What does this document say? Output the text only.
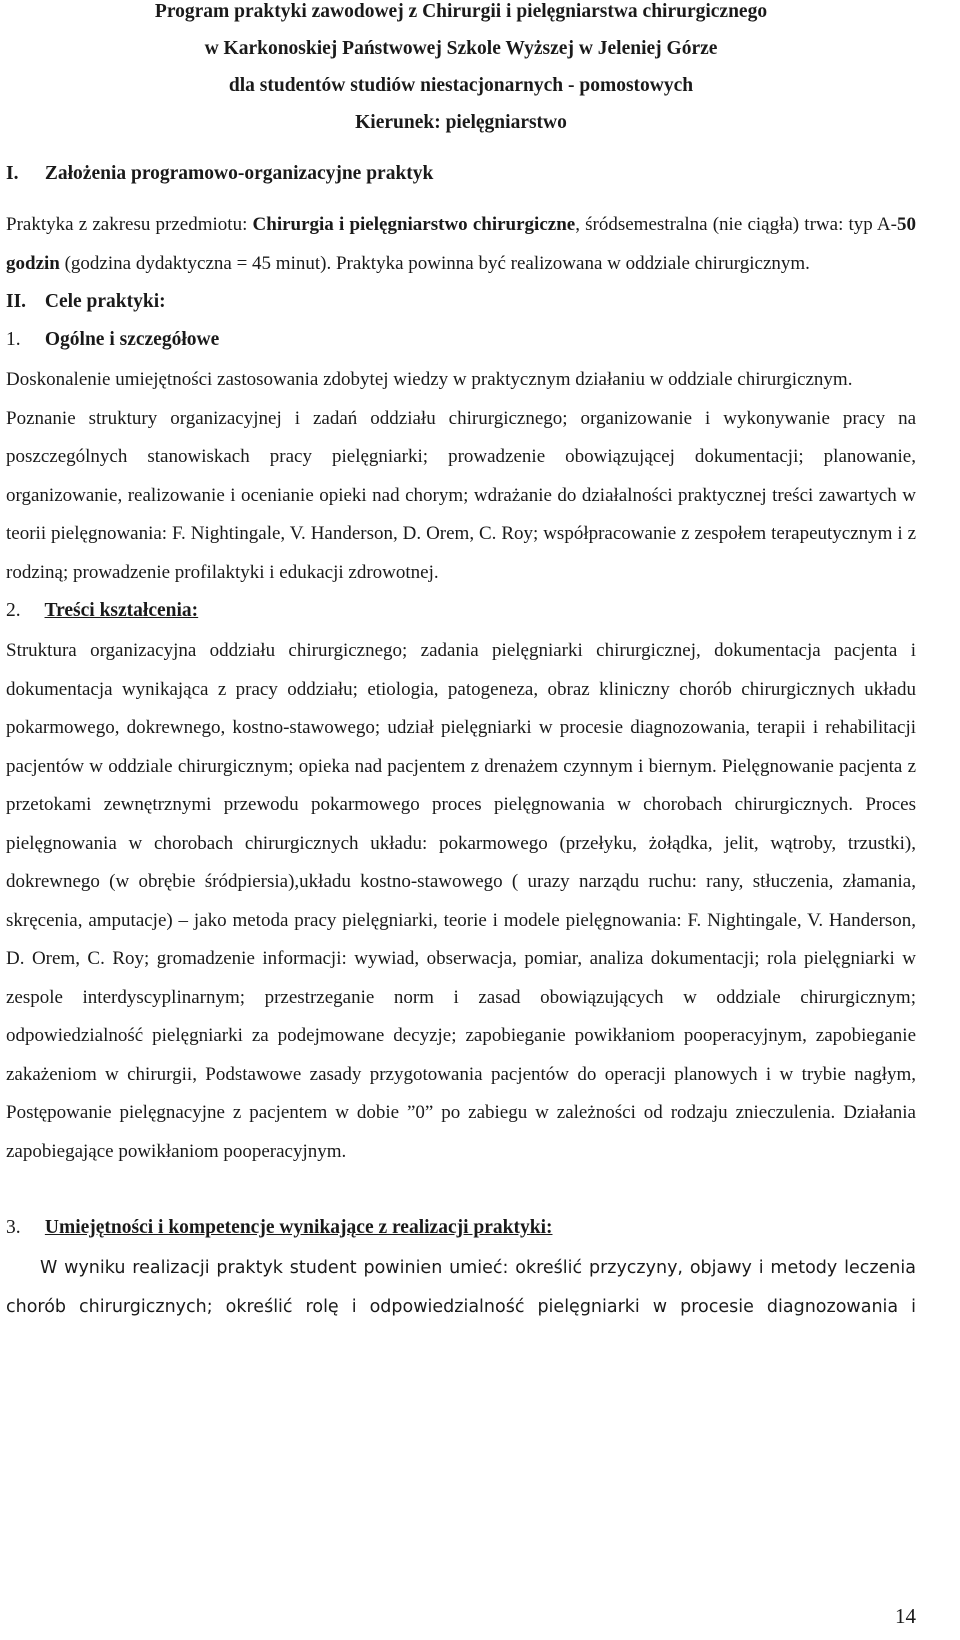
Program praktyki zawodowej z Chirurgii i pielęgniarstwa chirurgicznego
w Karkonoskiej Państwowej Szkole Wyższej w Jeleniej Górze
dla studentów studiów niestacjonarnych - pomostowych
Kierunek: pielęgniarstwo
I. Założenia programowo-organizacyjne praktyk
Praktyka z zakresu przedmiotu: Chirurgia i pielęgniarstwo chirurgiczne, śródsemestralna (nie ciągła) trwa: typ A-50 godzin (godzina dydaktyczna = 45 minut). Praktyka powinna być realizowana w oddziale chirurgicznym.
II. Cele praktyki:
1. Ogólne i szczegółowe
Doskonalenie umiejętności zastosowania zdobytej wiedzy w praktycznym działaniu w oddziale chirurgicznym.
Poznanie struktury organizacyjnej i zadań oddziału chirurgicznego; organizowanie i wykonywanie pracy na poszczególnych stanowiskach pracy pielęgniarki; prowadzenie obowiązującej dokumentacji; planowanie, organizowanie, realizowanie i ocenianie opieki nad chorym; wdrażanie do działalności praktycznej treści zawartych w teorii pielęgnowania: F. Nightingale, V. Handerson, D. Orem, C. Roy; współpracowanie z zespołem terapeutycznym i z rodziną; prowadzenie profilaktyki i edukacji zdrowotnej.
2. Treści kształcenia:
Struktura organizacyjna oddziału chirurgicznego; zadania pielęgniarki chirurgicznej, dokumentacja pacjenta i dokumentacja wynikająca z pracy oddziału; etiologia, patogeneza, obraz kliniczny chorób chirurgicznych układu pokarmowego, dokrewnego, kostno-stawowego; udział pielęgniarki w procesie diagnozowania, terapii i rehabilitacji pacjentów w oddziale chirurgicznym; opieka nad pacjentem z drenażem czynnym i biernym. Pielęgnowanie pacjenta z przetokami zewnętrznymi przewodu pokarmowego proces pielęgnowania w chorobach chirurgicznych. Proces pielęgnowania w chorobach chirurgicznych układu: pokarmowego (przełyku, żołądka, jelit, wątroby, trzustki), dokrewnego (w obrębie śródpiersia),układu kostno-stawowego ( urazy narządu ruchu: rany, stłuczenia, złamania, skręcenia, amputacje) – jako metoda pracy pielęgniarki, teorie i modele pielęgnowania: F. Nightingale, V. Handerson, D. Orem, C. Roy; gromadzenie informacji: wywiad, obserwacja, pomiar, analiza dokumentacji; rola pielęgniarki w zespole interdyscyplinarnym; przestrzeganie norm i zasad obowiązujących w oddziale chirurgicznym; odpowiedzialność pielęgniarki za podejmowane decyzje; zapobieganie powikłaniom pooperacyjnym, zapobieganie zakażeniom w chirurgii, Podstawowe zasady przygotowania pacjentów do operacji planowych i w trybie nagłym, Postępowanie pielęgnacyjne z pacjentem w dobie ”0” po zabiegu w zależności od rodzaju znieczulenia. Działania zapobiegające powikłaniom pooperacyjnym.
3. Umiejętności i kompetencje wynikające z realizacji praktyki:
W wyniku realizacji praktyk student powinien umieć: określić przyczyny, objawy i metody leczenia chorób chirurgicznych; określić rolę i odpowiedzialność pielęgniarki w procesie diagnozowania i
14
